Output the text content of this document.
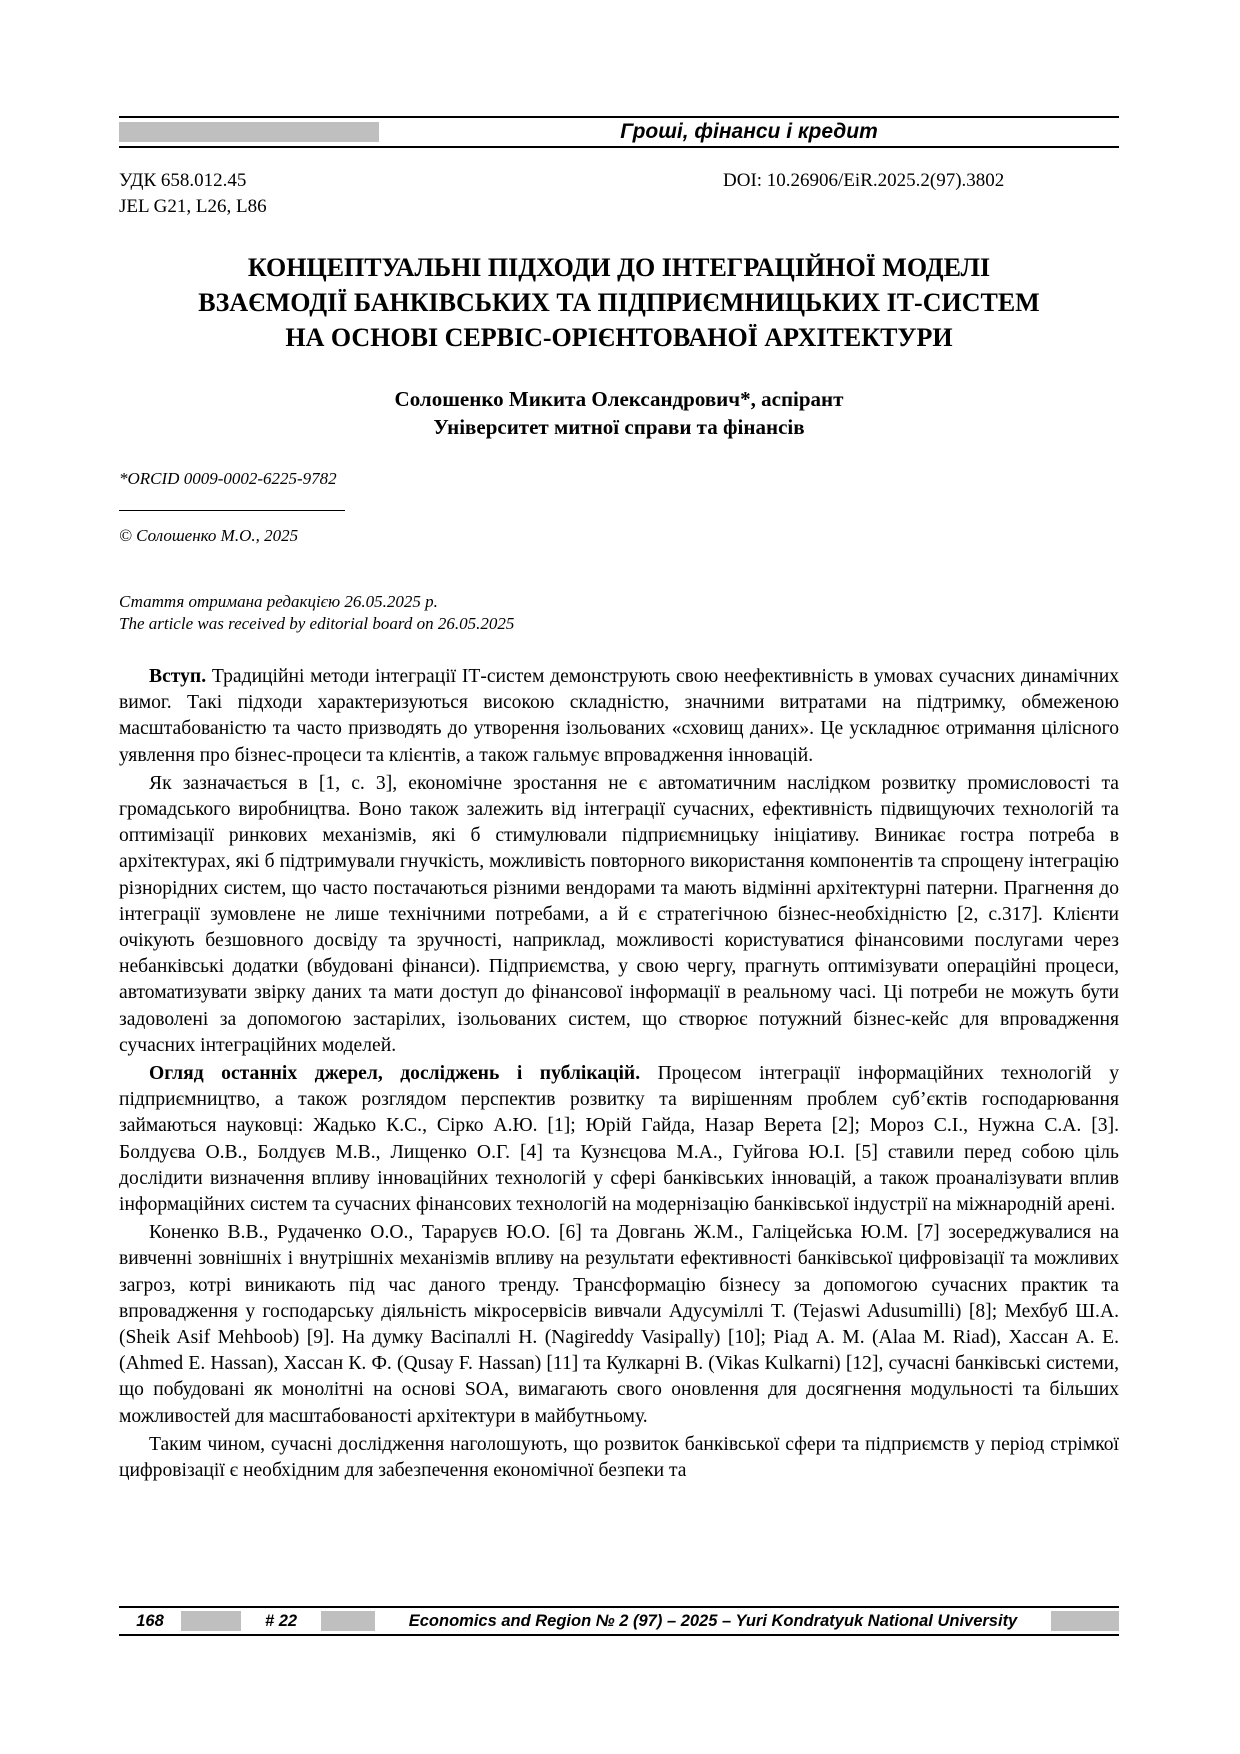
Гроші, фінанси і кредит
УДК 658.012.45
JEL G21, L26, L86
DOI: 10.26906/EiR.2025.2(97).3802
КОНЦЕПТУАЛЬНІ ПІДХОДИ ДО ІНТЕГРАЦІЙНОЇ МОДЕЛІ
ВЗАЄМОДІЇ БАНКІВСЬКИХ ТА ПІДПРИЄМНИЦЬКИХ ІТ-СИСТЕМ
НА ОСНОВІ СЕРВІС-ОРІЄНТОВАНОЇ АРХІТЕКТУРИ
Солошенко Микита Олександрович*, аспірант
Університет митної справи та фінансів
*ORCID 0009-0002-6225-9782
© Солошенко М.О., 2025
Стаття отримана редакцією 26.05.2025 р.
The article was received by editorial board on 26.05.2025

Вступ. Традиційні методи інтеграції ІТ-систем демонструють свою неефективність в умовах сучасних динамічних вимог. Такі підходи характеризуються високою складністю, значними витратами на підтримку, обмеженою масштабованістю та часто призводять до утворення ізольованих «сховищ даних». Це ускладнює отримання цілісного уявлення про бізнес-процеси та клієнтів, а також гальмує впровадження інновацій.

Як зазначається в [1, с. 3], економічне зростання не є автоматичним наслідком розвитку промисловості та громадського виробництва. Воно також залежить від інтеграції сучасних, ефективність підвищуючих технологій та оптимізації ринкових механізмів, які б стимулювали підприємницьку ініціативу. Виникає гостра потреба в архітектурах, які б підтримували гнучкість, можливість повторного використання компонентів та спрощену інтеграцію різнорідних систем, що часто постачаються різними вендорами та мають відмінні архітектурні патерни. Прагнення до інтеграції зумовлене не лише технічними потребами, а й є стратегічною бізнес-необхідністю [2, с.317]. Клієнти очікують безшовного досвіду та зручності, наприклад, можливості користуватися фінансовими послугами через небанківські додатки (вбудовані фінанси). Підприємства, у свою чергу, прагнуть оптимізувати операційні процеси, автоматизувати звірку даних та мати доступ до фінансової інформації в реальному часі. Ці потреби не можуть бути задоволені за допомогою застарілих, ізольованих систем, що створює потужний бізнес-кейс для впровадження сучасних інтеграційних моделей.

Огляд останніх джерел, досліджень і публікацій. Процесом інтеграції інформаційних технологій у підприємництво, а також розглядом перспектив розвитку та вирішенням проблем суб’єктів господарювання займаються науковці: Жадько К.С., Сірко А.Ю. [1]; Юрій Гайда, Назар Верета [2]; Мороз С.І., Нужна С.А. [3]. Болдуєва О.В., Болдуєв М.В., Лищенко О.Г. [4] та Кузнєцова М.А., Гуйгова Ю.І. [5] ставили перед собою ціль дослідити визначення впливу інноваційних технологій у сфері банківських інновацій, а також проаналізувати вплив інформаційних систем та сучасних фінансових технологій на модернізацію банківської індустрії на міжнародній арені.

Коненко В.В., Рудаченко О.О., Тараруєв Ю.О. [6] та Довгань Ж.М., Галіцейська Ю.М. [7] зосереджувалися на вивченні зовнішніх і внутрішніх механізмів впливу на результати ефективності банківської цифровізації та можливих загроз, котрі виникають під час даного тренду. Трансформацію бізнесу за допомогою сучасних практик та впровадження у господарську діяльність мікросервісів вивчали Адусуміллі Т. (Tejaswi Adusumilli) [8]; Мехбуб Ш.А. (Sheik Asif Mehboob) [9]. На думку Васіпаллі Н. (Nagireddy Vasipally) [10]; Ріад А. М. (Alaa M. Riad), Хассан А. Е. (Ahmed E. Hassan), Хассан К. Ф. (Qusay F. Hassan) [11] та Кулкарні В. (Vikas Kulkarni) [12], сучасні банківські системи, що побудовані як монолітні на основі SOA, вимагають свого оновлення для досягнення модульності та більших можливостей для масштабованості архітектури в майбутньому.

Таким чином, сучасні дослідження наголошують, що розвиток банківської сфери та підприємств у період стрімкої цифровізації є необхідним для забезпечення економічної безпеки та

168	# 22	Economics and Region № 2 (97) – 2025 – Yuri Kondratyuk National University
